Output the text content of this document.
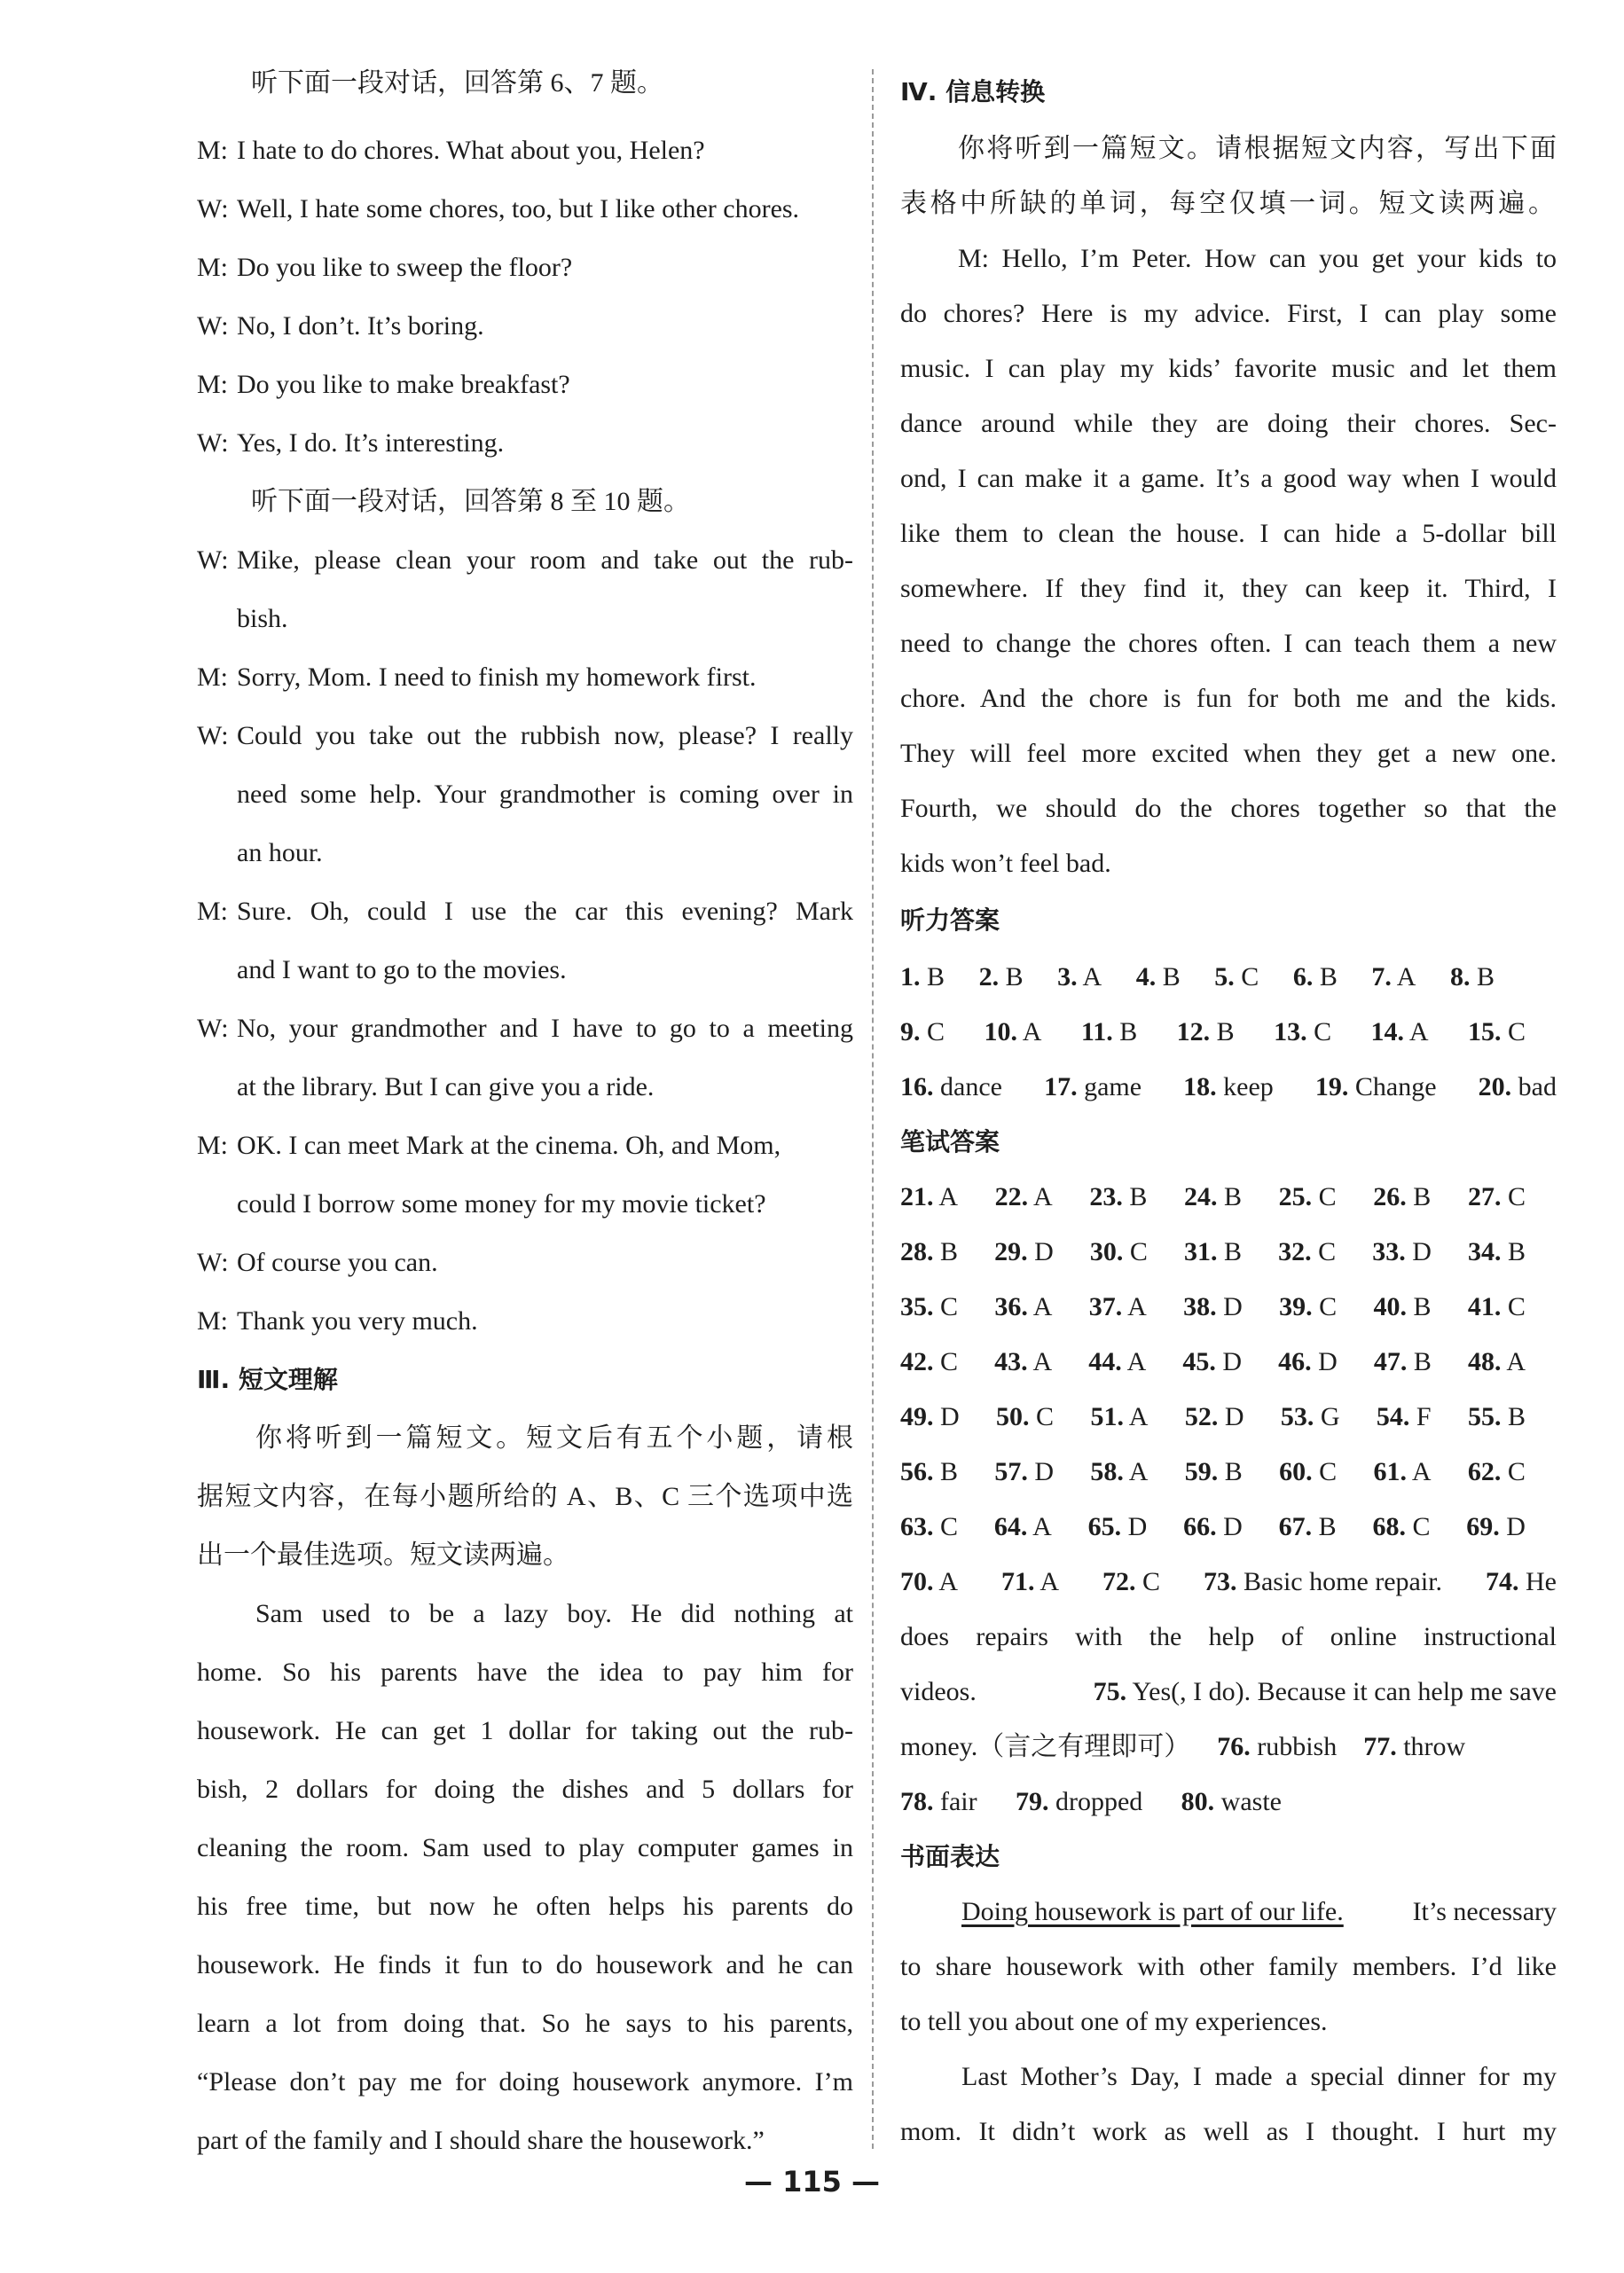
听下面一段对话，回答第 6、7 题。
M: I hate to do chores. What about you, Helen?
W: Well, I hate some chores, too, but I like other chores.
M: Do you like to sweep the floor?
W: No, I don’t. It’s boring.
M: Do you like to make breakfast?
W: Yes, I do. It’s interesting.
听下面一段对话，回答第 8 至 10 题。
W: Mike, please clean your room and take out the rub-
bish.
M: Sorry, Mom. I need to finish my homework first.
W: Could you take out the rubbish now, please? I really
need some help. Your grandmother is coming over in
an hour.
M: Sure. Oh, could I use the car this evening? Mark
and I want to go to the movies.
W: No, your grandmother and I have to go to a meeting
at the library. But I can give you a ride.
M: OK. I can meet Mark at the cinema. Oh, and Mom,
could I borrow some money for my movie ticket?
W: Of course you can.
M: Thank you very much.
Ⅲ. 短文理解
你将听到一篇短文。短文后有五个小题，请根
据短文内容，在每小题所给的 A、B、C 三个选项中选
出一个最佳选项。短文读两遍。
Sam used to be a lazy boy. He did nothing at
home. So his parents have the idea to pay him for
housework. He can get 1 dollar for taking out the rub-
bish, 2 dollars for doing the dishes and 5 dollars for
cleaning the room. Sam used to play computer games in
his free time, but now he often helps his parents do
housework. He finds it fun to do housework and he can
learn a lot from doing that. So he says to his parents,
“Please don’t pay me for doing housework anymore. I’m
part of the family and I should share the housework.”
Ⅳ. 信息转换
你将听到一篇短文。请根据短文内容，写出下面
表格中所缺的单词，每空仅填一词。短文读两遍。
M: Hello, I’m Peter. How can you get your kids to
do chores? Here is my advice. First, I can play some
music. I can play my kids’ favorite music and let them
dance around while they are doing their chores. Sec-
ond, I can make it a game. It’s a good way when I would
like them to clean the house. I can hide a 5-dollar bill
somewhere. If they find it, they can keep it. Third, I
need to change the chores often. I can teach them a new
chore. And the chore is fun for both me and the kids.
They will feel more excited when they get a new one.
Fourth, we should do the chores together so that the
kids won’t feel bad.
听力答案
1. B 2. B 3. A 4. B 5. C 6. B 7. A 8. B
9. C 10. A 11. B 12. B 13. C 14. A 15. C
16. dance 17. game 18. keep 19. Change 20. bad
笔试答案
21. A 22. A 23. B 24. B 25. C 26. B 27. C
28. B 29. D 30. C 31. B 32. C 33. D 34. B
35. C 36. A 37. A 38. D 39. C 40. B 41. C
42. C 43. A 44. A 45. D 46. D 47. B 48. A
49. D 50. C 51. A 52. D 53. G 54. F 55. B
56. B 57. D 58. A 59. B 60. C 61. A 62. C
63. C 64. A 65. D 66. D 67. B 68. C 69. D
70. A 71. A 72. C 73. Basic home repair. 74. He
does repairs with the help of online instructional
videos.	75. Yes(, I do). Because it can help me save
money.（言之有理即可） 76. rubbish 77. throw
78. fair 79. dropped 80. waste
书面表达
Doing housework is part of our life.	It’s necessary
to share housework with other family members. I’d like
to tell you about one of my experiences.
Last Mother’s Day, I made a special dinner for my
mom. It didn’t work as well as I thought. I hurt my
— 115 —
